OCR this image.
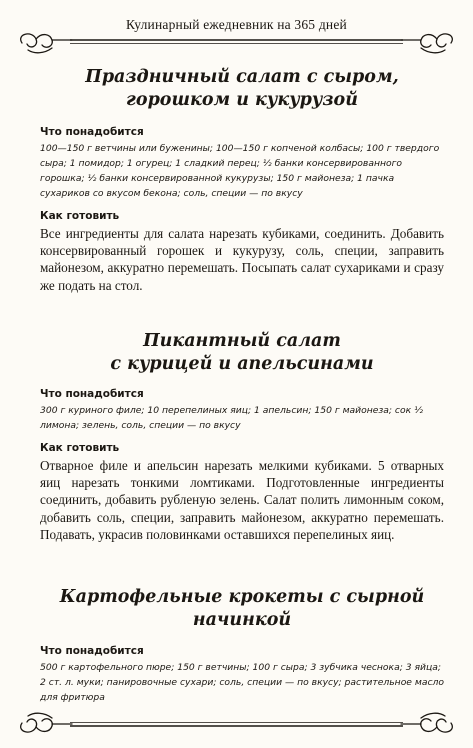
Кулинарный ежедневник на 365 дней
Праздничный салат с сыром,
горошком и кукурузой
Что понадобится

100—150 г ветчины или буженины; 100—150 г копченой колбасы; 100 г твердого сыра; 1 помидор; 1 огурец; 1 сладкий перец; ½ банки консервированного горошка; ½ банки консервированной кукурузы; 150 г майонеза; 1 пачка сухариков со вкусом бекона; соль, специи — по вкусу

Как готовить

Все ингредиенты для салата нарезать кубиками, соединить. Добавить консервированный горошек и кукурузу, соль, специи, заправить майонезом, аккуратно перемешать. Посыпать салат сухариками и сразу же подать на стол.

Пикантный салат
с курицей и апельсинами
Что понадобится

300 г куриного филе; 10 перепелиных яиц; 1 апельсин; 150 г майонеза; сок ½ лимона; зелень, соль, специи — по вкусу

Как готовить

Отварное филе и апельсин нарезать мелкими кубиками. 5 отварных яиц нарезать тонкими ломтиками. Подготовленные ингредиенты соединить, добавить рубленую зелень. Салат полить лимонным соком, добавить соль, специи, заправить майонезом, аккуратно перемешать. Подавать, украсив половинками оставшихся перепелиных яиц.

Картофельные крокеты с сырной начинкой
Что понадобится

500 г картофельного пюре; 150 г ветчины; 100 г сыра; 3 зубчика чеснока; 3 яйца; 2 ст. л. муки; панировочные сухари; соль, специи — по вкусу; растительное масло для фритюра
